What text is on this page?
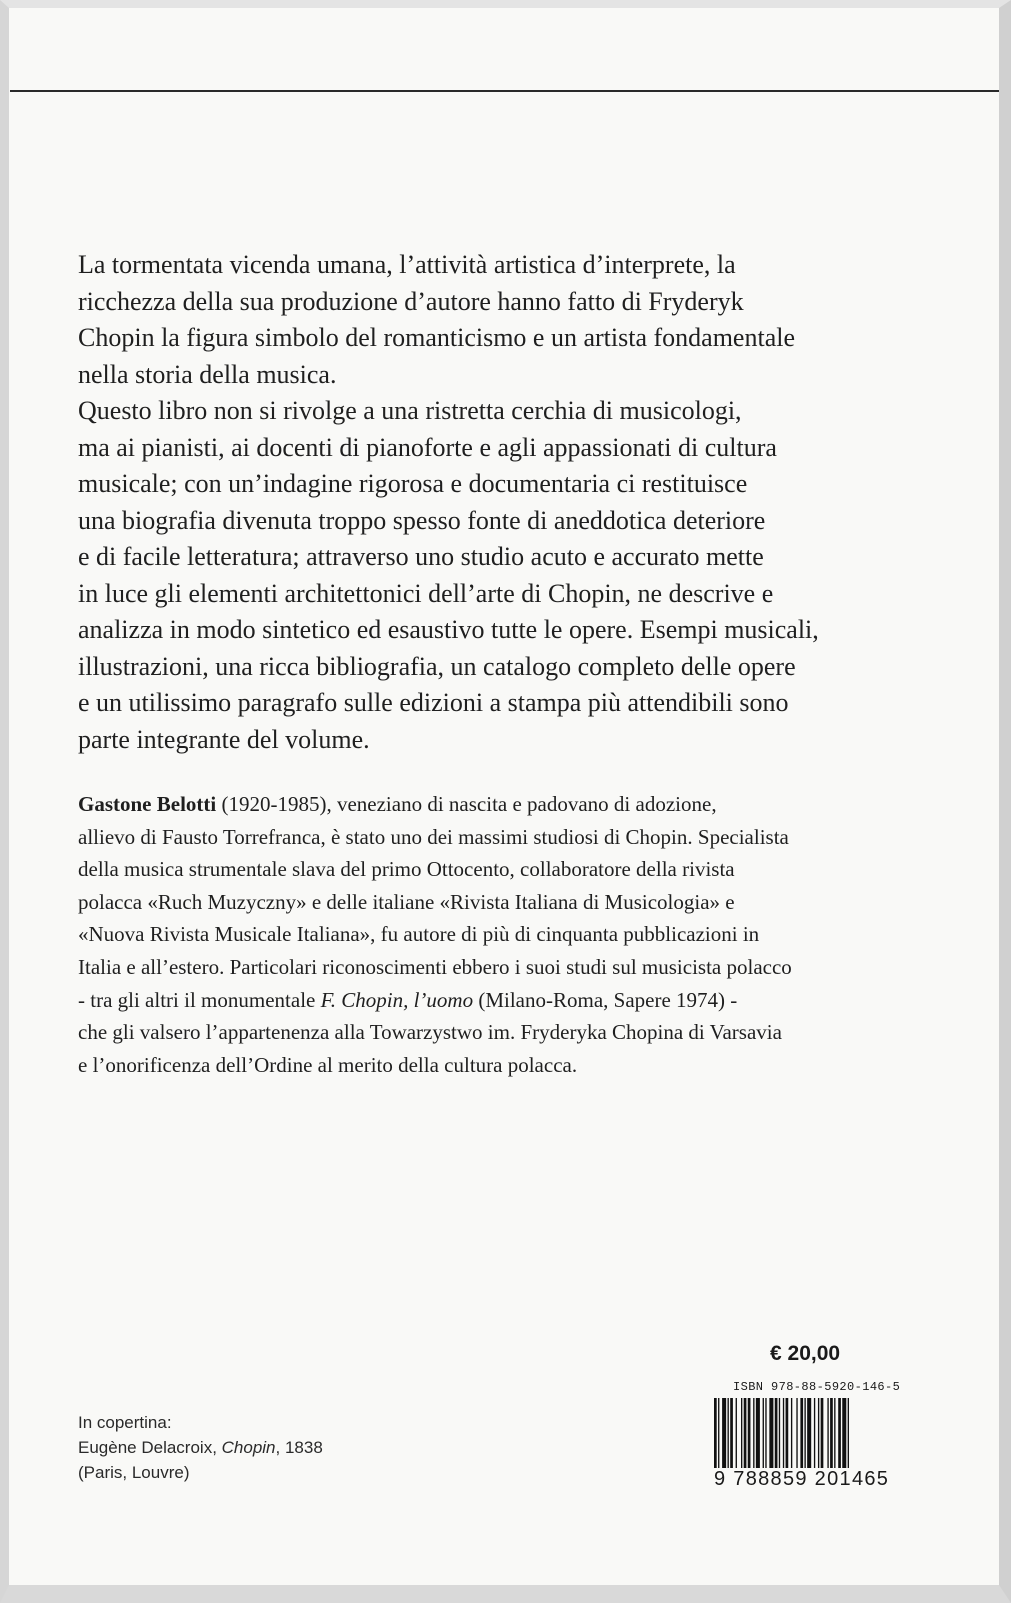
La tormentata vicenda umana, l’attività artistica d’interprete, la
ricchezza della sua produzione d’autore hanno fatto di Fryderyk
Chopin la figura simbolo del romanticismo e un artista fondamentale
nella storia della musica.
Questo libro non si rivolge a una ristretta cerchia di musicologi,
ma ai pianisti, ai docenti di pianoforte e agli appassionati di cultura
musicale; con un’indagine rigorosa e documentaria ci restituisce
una biografia divenuta troppo spesso fonte di aneddotica deteriore
e di facile letteratura; attraverso uno studio acuto e accurato mette
in luce gli elementi architettonici dell’arte di Chopin, ne descrive e
analizza in modo sintetico ed esaustivo tutte le opere. Esempi musicali,
illustrazioni, una ricca bibliografia, un catalogo completo delle opere
e un utilissimo paragrafo sulle edizioni a stampa più attendibili sono
parte integrante del volume.
Gastone Belotti (1920-1985), veneziano di nascita e padovano di adozione,
allievo di Fausto Torrefranca, è stato uno dei massimi studiosi di Chopin. Specialista
della musica strumentale slava del primo Ottocento, collaboratore della rivista
polacca «Ruch Muzyczny» e delle italiane «Rivista Italiana di Musicologia» e
«Nuova Rivista Musicale Italiana», fu autore di più di cinquanta pubblicazioni in
Italia e all’estero. Particolari riconoscimenti ebbero i suoi studi sul musicista polacco
- tra gli altri il monumentale F. Chopin, l’uomo (Milano-Roma, Sapere 1974) -
che gli valsero l’appartenenza alla Towarzystwo im. Fryderyka Chopina di Varsavia
e l’onorificenza dell’Ordine al merito della cultura polacca.
In copertina:
Eugène Delacroix, Chopin, 1838
(Paris, Louvre)
€ 20,00
ISBN 978-88-5920-146-5
9 788859 201465
